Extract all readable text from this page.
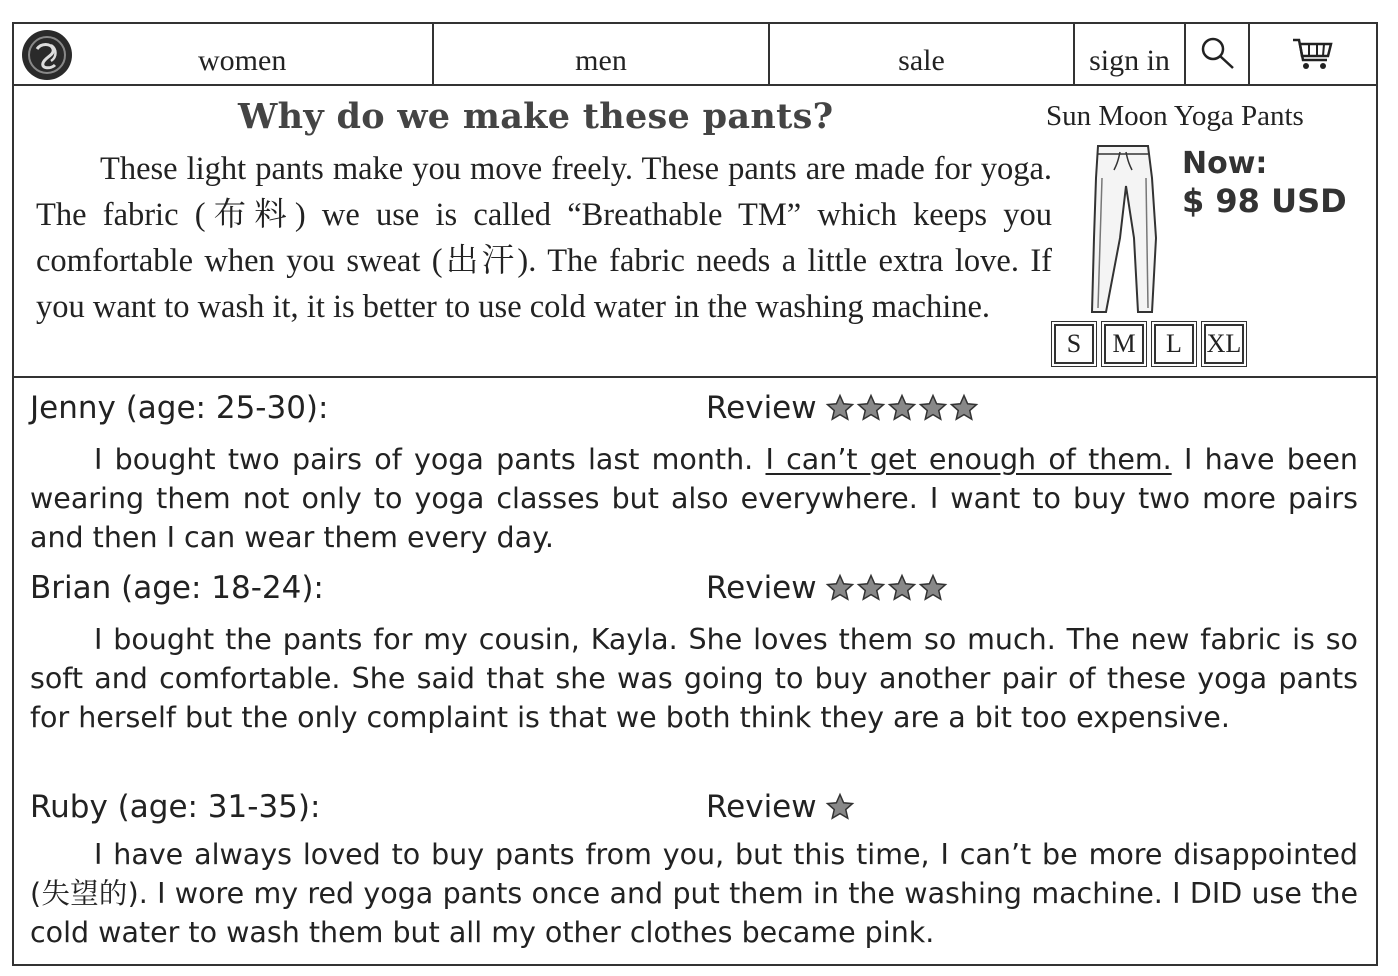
women	men	sale	sign in
Why do we make these pants?
These light pants make you move freely. These pants are made for yoga. The fabric (布料) we use is called “Breathable TM” which keeps you comfortable when you sweat (出汗). The fabric needs a little extra love. If you want to wash it, it is better to use cold water in the washing machine.
Sun Moon Yoga Pants
Now:
$ 98 USD
S	M	L XL
Jenny (age: 25-30):	Review
I bought two pairs of yoga pants last month. I can’t get enough of them. I have been wearing them not only to yoga classes but also everywhere. I want to buy two more pairs and then I can wear them every day.
Brian (age: 18-24):	Review
I bought the pants for my cousin, Kayla. She loves them so much. The new fabric is so soft and comfortable. She said that she was going to buy another pair of these yoga pants for herself but the only complaint is that we both think they are a bit too expensive.
Ruby (age: 31-35):	Review
I have always loved to buy pants from you, but this time, I can’t be more disappointed (失望的). I wore my red yoga pants once and put them in the washing machine. I DID use the cold water to wash them but all my other clothes became pink.
